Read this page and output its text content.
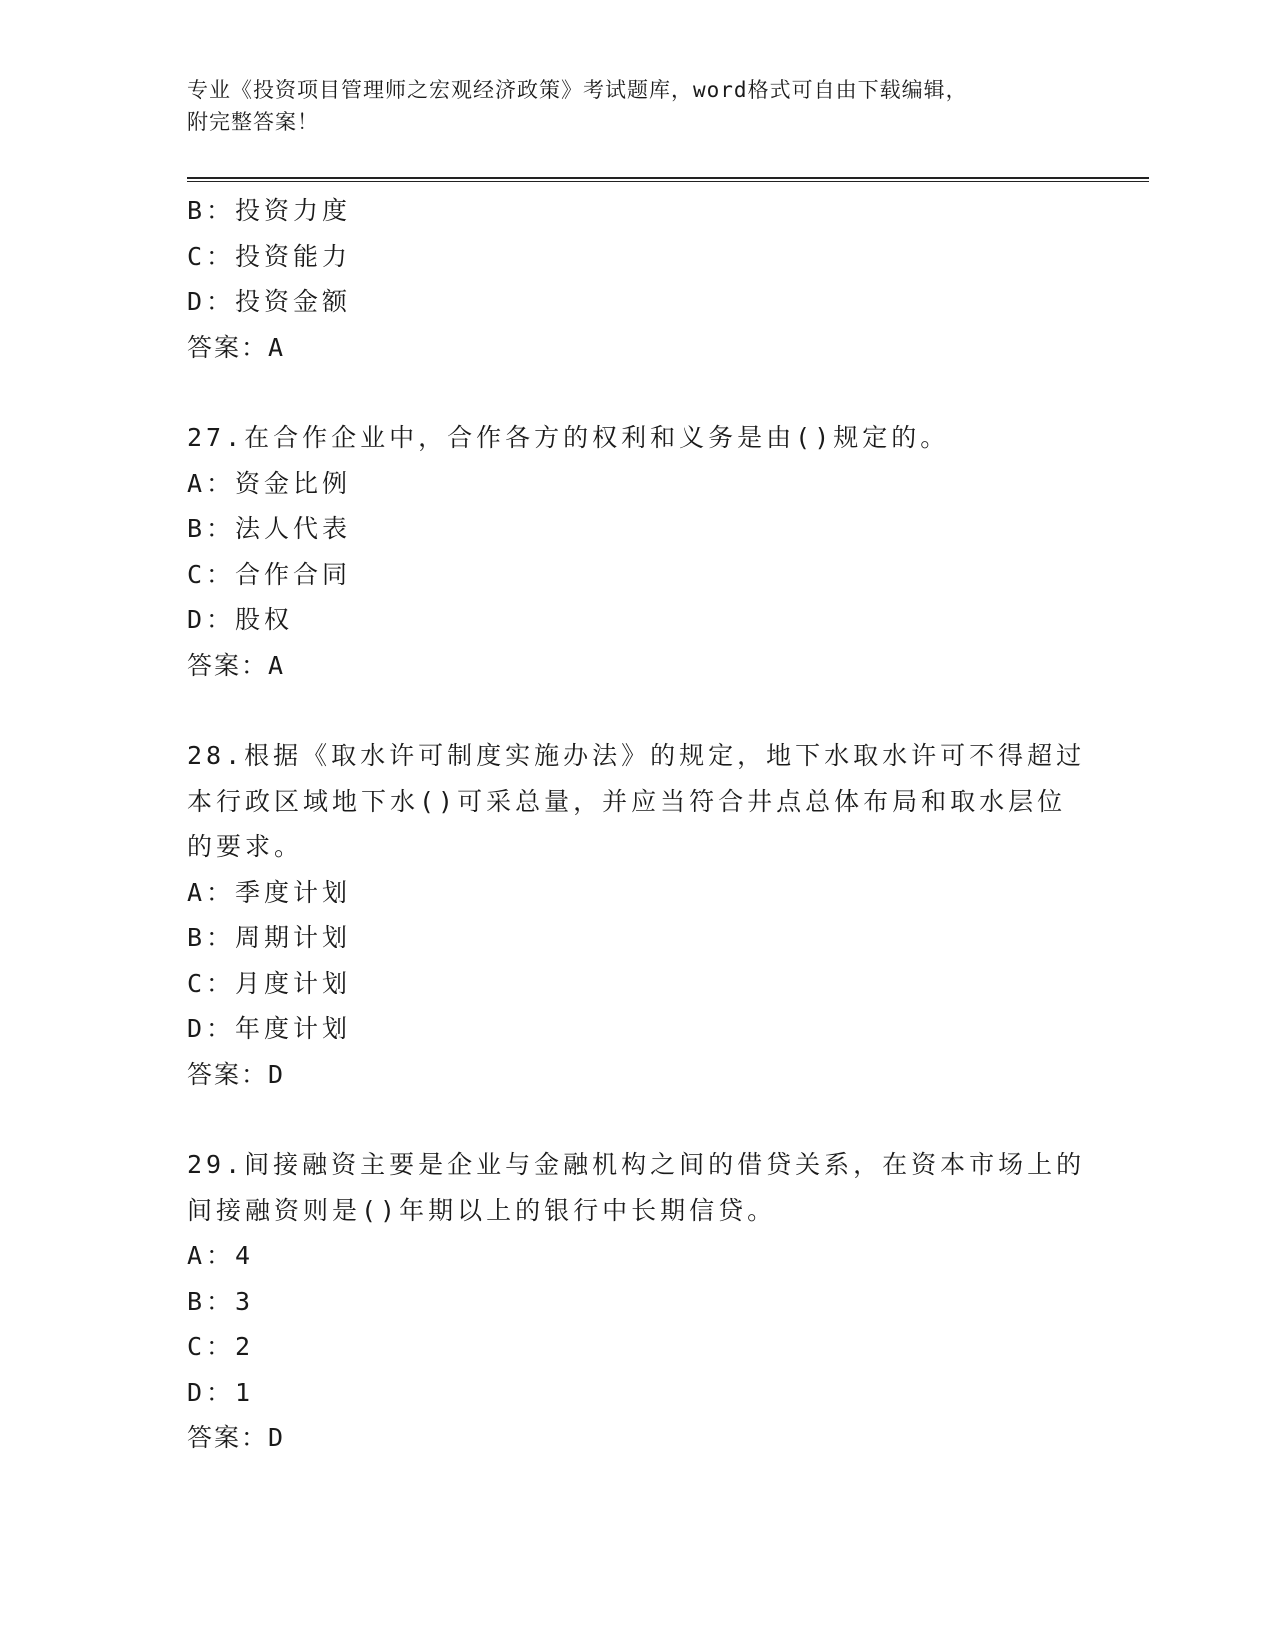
专业《投资项目管理师之宏观经济政策》考试题库，word格式可自由下载编辑，
附完整答案！
B：投资力度
C：投资能力
D：投资金额
答案：A
27.在合作企业中，合作各方的权利和义务是由()规定的。
A：资金比例
B：法人代表
C：合作合同
D：股权
答案：A
28.根据《取水许可制度实施办法》的规定，地下水取水许可不得超过
本行政区域地下水()可采总量，并应当符合井点总体布局和取水层位
的要求。
A：季度计划
B：周期计划
C：月度计划
D：年度计划
答案：D
29.间接融资主要是企业与金融机构之间的借贷关系，在资本市场上的
间接融资则是()年期以上的银行中长期信贷。
A：4
B：3
C：2
D：1
答案：D
